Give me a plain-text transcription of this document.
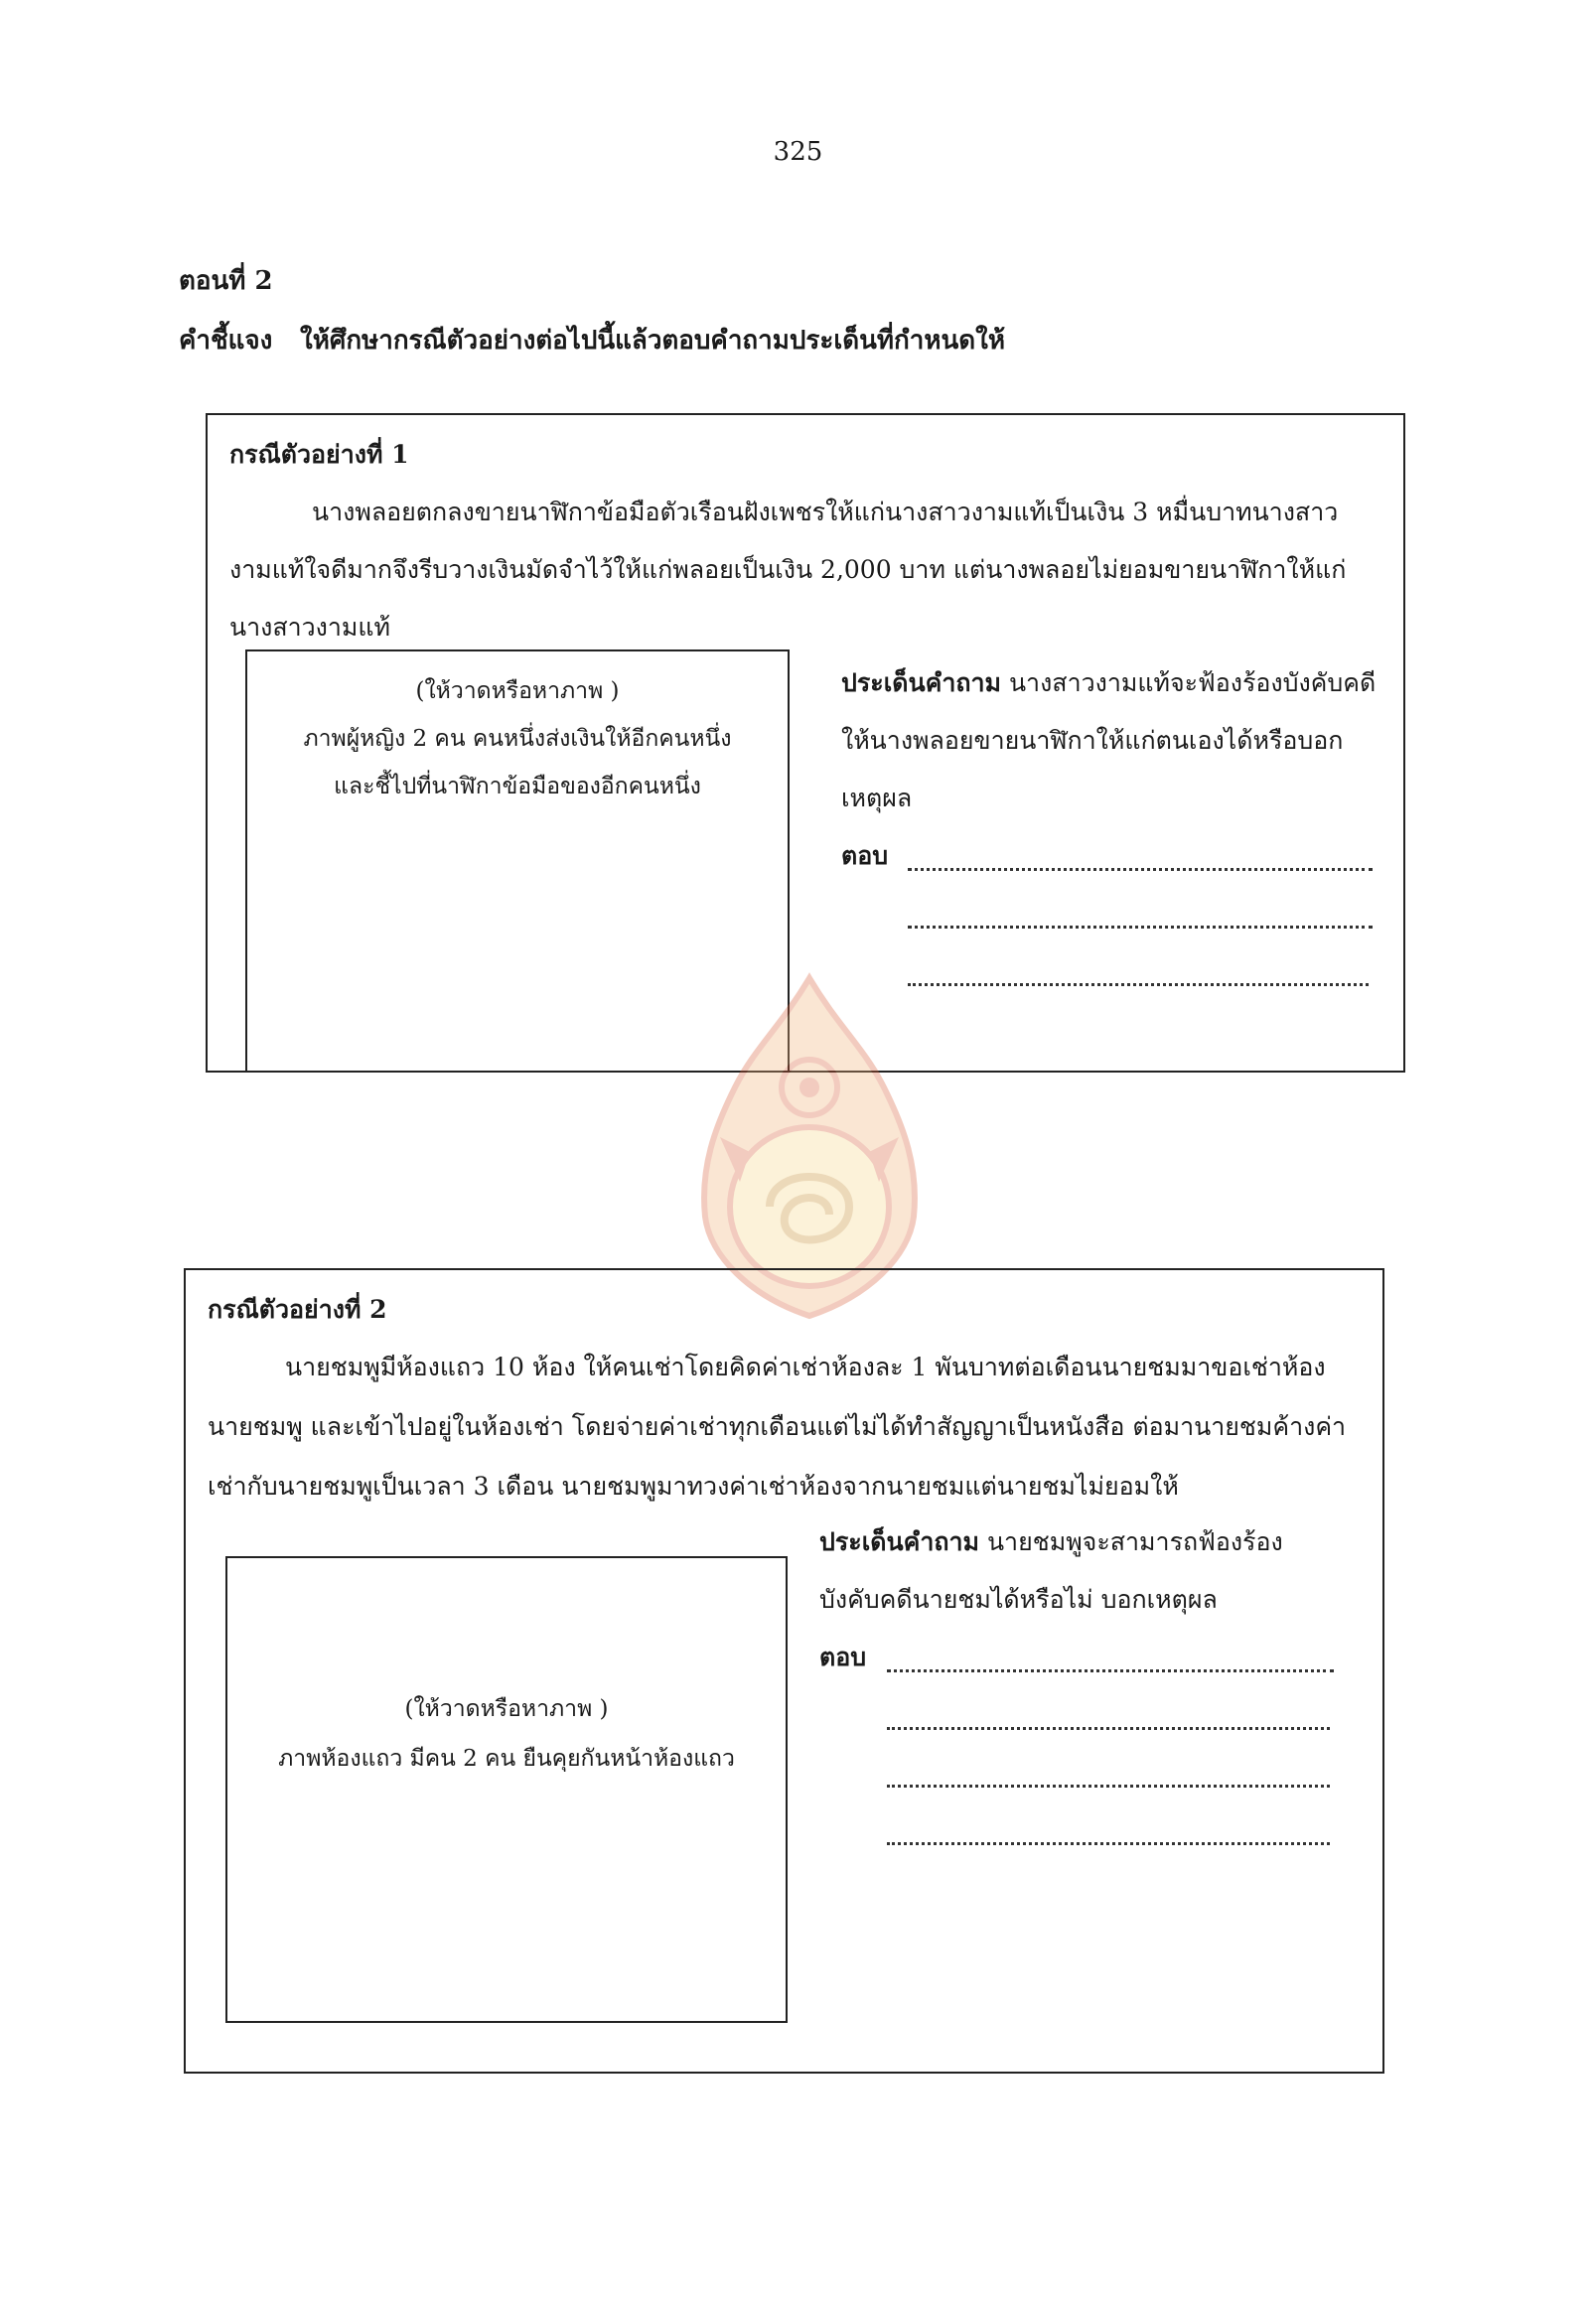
325
ตอนที่ 2
คำชี้แจง ให้ศึกษากรณีตัวอย่างต่อไปนี้แล้วตอบคำถามประเด็นที่กำหนดให้
กรณีตัวอย่างที่ 1
นางพลอยตกลงขายนาฬิกาข้อมือตัวเรือนฝังเพชรให้แก่นางสาวงามแท้เป็นเงิน 3 หมื่นบาทนางสาว
งามแท้ใจดีมากจึงรีบวางเงินมัดจำไว้ให้แก่พลอยเป็นเงิน 2,000 บาท แต่นางพลอยไม่ยอมขายนาฬิกาให้แก่
นางสาวงามแท้
(ให้วาดหรือหาภาพ )
ภาพผู้หญิง 2 คน คนหนึ่งส่งเงินให้อีกคนหนึ่ง
และชี้ไปที่นาฬิกาข้อมือของอีกคนหนึ่ง
ประเด็นคำถาม นางสาวงามแท้จะฟ้องร้องบังคับคดี
ให้นางพลอยขายนาฬิกาให้แก่ตนเองได้หรือบอก
เหตุผล
ตอบ
กรณีตัวอย่างที่ 2
นายชมพูมีห้องแถว 10 ห้อง ให้คนเช่าโดยคิดค่าเช่าห้องละ 1 พันบาทต่อเดือนนายชมมาขอเช่าห้อง
นายชมพู และเข้าไปอยู่ในห้องเช่า โดยจ่ายค่าเช่าทุกเดือนแต่ไม่ได้ทำสัญญาเป็นหนังสือ ต่อมานายชมค้างค่า
เช่ากับนายชมพูเป็นเวลา 3 เดือน นายชมพูมาทวงค่าเช่าห้องจากนายชมแต่นายชมไม่ยอมให้
ประเด็นคำถาม นายชมพูจะสามารถฟ้องร้อง
บังคับคดีนายชมได้หรือไม่ บอกเหตุผล
ตอบ
(ให้วาดหรือหาภาพ )
ภาพห้องแถว มีคน 2 คน ยืนคุยกันหน้าห้องแถว
